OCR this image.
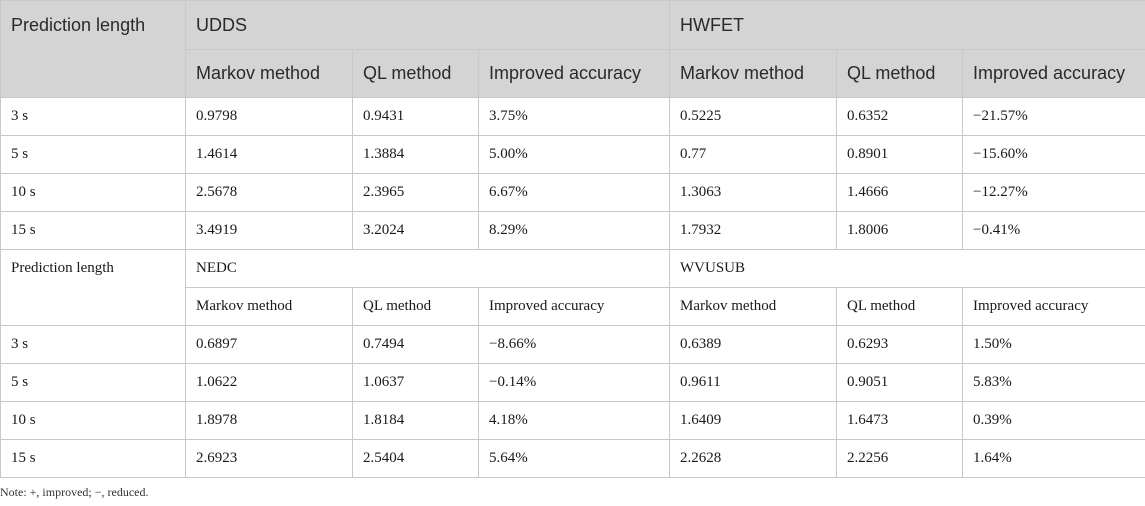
Prediction length	UDDS			HWFET		
	Markov method	QL method	Improved accuracy	Markov method	QL method	Improved accuracy
3 s	0.9798	0.9431	3.75%	0.5225	0.6352	−21.57%
5 s	1.4614	1.3884	5.00%	0.77	0.8901	−15.60%
10 s	2.5678	2.3965	6.67%	1.3063	1.4666	−12.27%
15 s	3.4919	3.2024	8.29%	1.7932	1.8006	−0.41%
Prediction length	NEDC			WVUSUB		
	Markov method	QL method	Improved accuracy	Markov method	QL method	Improved accuracy
3 s	0.6897	0.7494	−8.66%	0.6389	0.6293	1.50%
5 s	1.0622	1.0637	−0.14%	0.9611	0.9051	5.83%
10 s	1.8978	1.8184	4.18%	1.6409	1.6473	0.39%
15 s	2.6923	2.5404	5.64%	2.2628	2.2256	1.64%
Note: +, improved; −, reduced.
